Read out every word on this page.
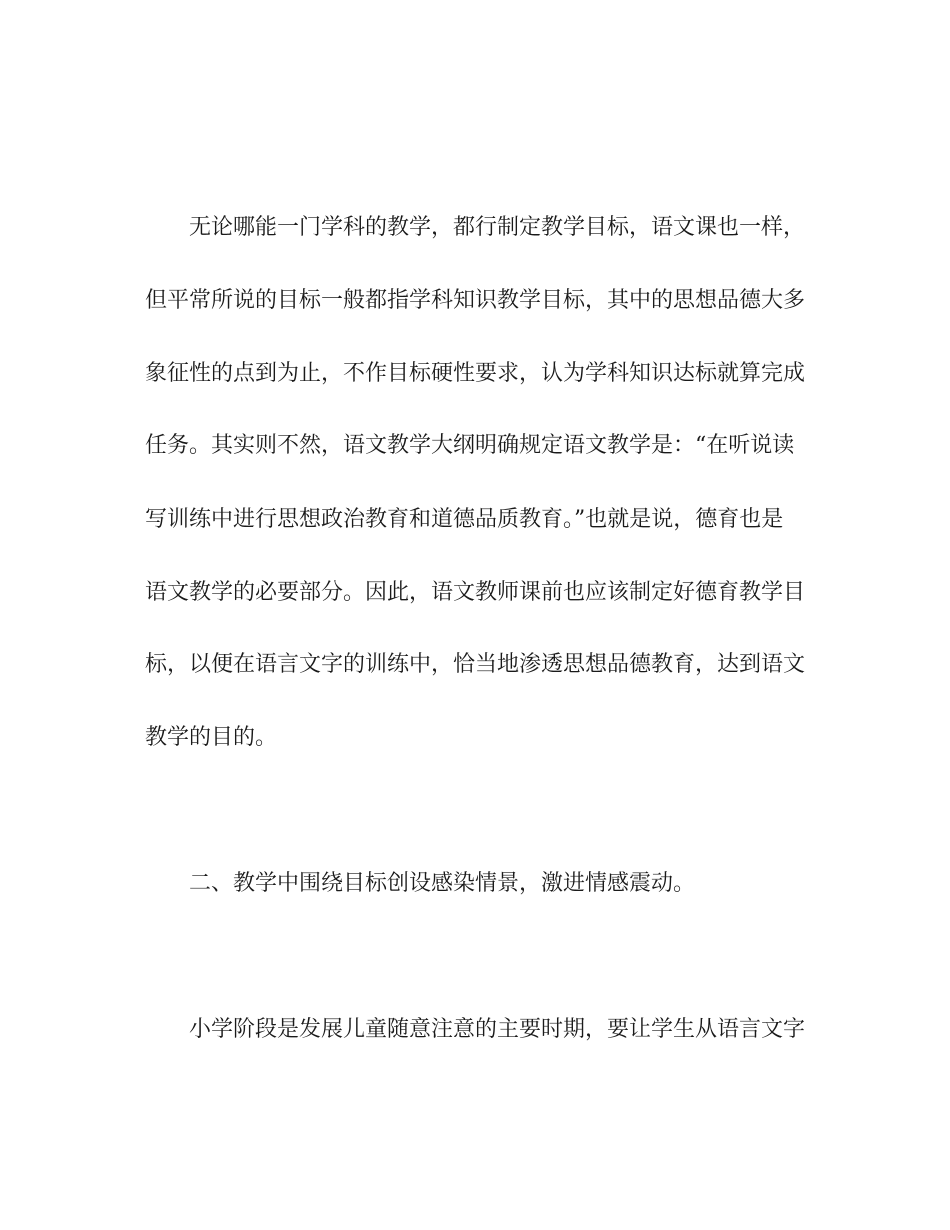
无论哪能一门学科的教学，都行制定教学目标，语文课也一样，

但平常所说的目标一般都指学科知识教学目标，其中的思想品德大多

象征性的点到为止，不作目标硬性要求，认为学科知识达标就算完成

任务。其实则不然，语文教学大纲明确规定语文教学是：“在听说读

写训练中进行思想政治教育和道德品质教育。”也就是说，德育也是

语文教学的必要部分。因此，语文教师课前也应该制定好德育教学目

标，以便在语言文字的训练中，恰当地渗透思想品德教育，达到语文

教学的目的。

二、教学中围绕目标创设感染情景，激进情感震动。

小学阶段是发展儿童随意注意的主要时期，要让学生从语言文字
